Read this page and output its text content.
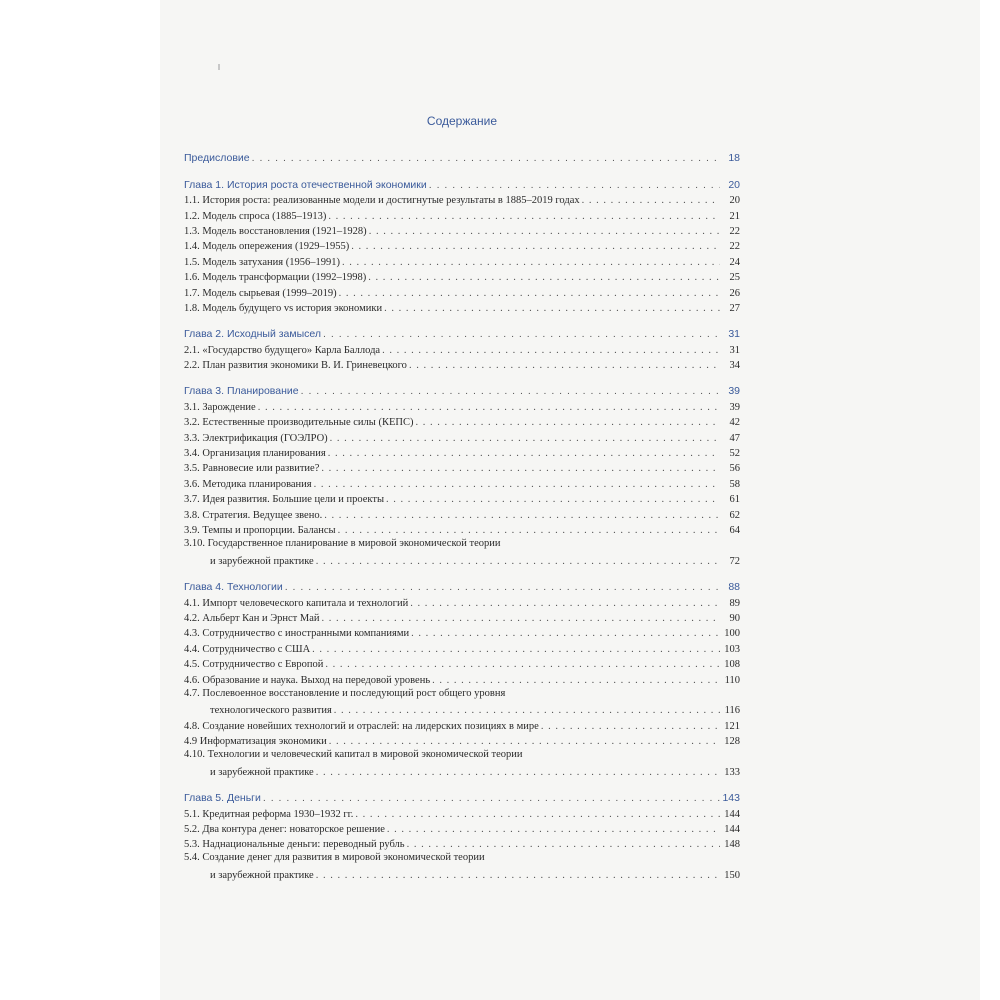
Содержание
Предисловие . . .	18
Глава 1. История роста отечественной экономики . . .	20
1.1. История роста: реализованные модели и достигнутые результаты в 1885–2019 годах . . .	20
1.2. Модель спроса (1885–1913) . . .	21
1.3. Модель восстановления (1921–1928) . . .	22
1.4. Модель опережения (1929–1955) . . .	22
1.5. Модель затухания (1956–1991) . . .	24
1.6. Модель трансформации (1992–1998) . . .	25
1.7. Модель сырьевая (1999–2019) . . .	26
1.8. Модель будущего vs история экономики . . .	27
Глава 2. Исходный замысел . . .	31
2.1. «Государство будущего» Карла Баллода . . .	31
2.2. План развития экономики В. И. Гриневецкого . . .	34
Глава 3. Планирование . . .	39
3.1. Зарождение . . .	39
3.2. Естественные производительные силы (КЕПС) . . .	42
3.3. Электрификация (ГОЭЛРО) . . .	47
3.4. Организация планирования . . .	52
3.5. Равновесие или развитие? . . .	56
3.6. Методика планирования . . .	58
3.7. Идея развития. Большие цели и проекты . . .	61
3.8. Стратегия. Ведущее звено. . . .	62
3.9. Темпы и пропорции. Балансы . . .	64
3.10. Государственное планирование в мировой экономической теории
и зарубежной практике . . .	72
Глава 4. Технологии . . .	88
4.1. Импорт человеческого капитала и технологий . . .	89
4.2. Альберт Кан и Эрнст Май . . .	90
4.3. Сотрудничество с иностранными компаниями . . .	100
4.4. Сотрудничество с США . . .	103
4.5. Сотрудничество с Европой . . .	108
4.6. Образование и наука. Выход на передовой уровень . . .	110
4.7. Послевоенное восстановление и последующий рост общего уровня
технологического развития . . .	116
4.8. Создание новейших технологий и отраслей: на лидерских позициях в мире . . .	121
4.9 Информатизация экономики . . .	128
4.10. Технологии и человеческий капитал в мировой экономической теории
и зарубежной практике . . .	133
Глава 5. Деньги . . .	143
5.1. Кредитная реформа 1930–1932 гг. . . .	144
5.2. Два контура денег: новаторское решение . . .	144
5.3. Наднациональные деньги: переводный рубль . . .	148
5.4. Создание денег для развития в мировой экономической теории
и зарубежной практике . . .	150
